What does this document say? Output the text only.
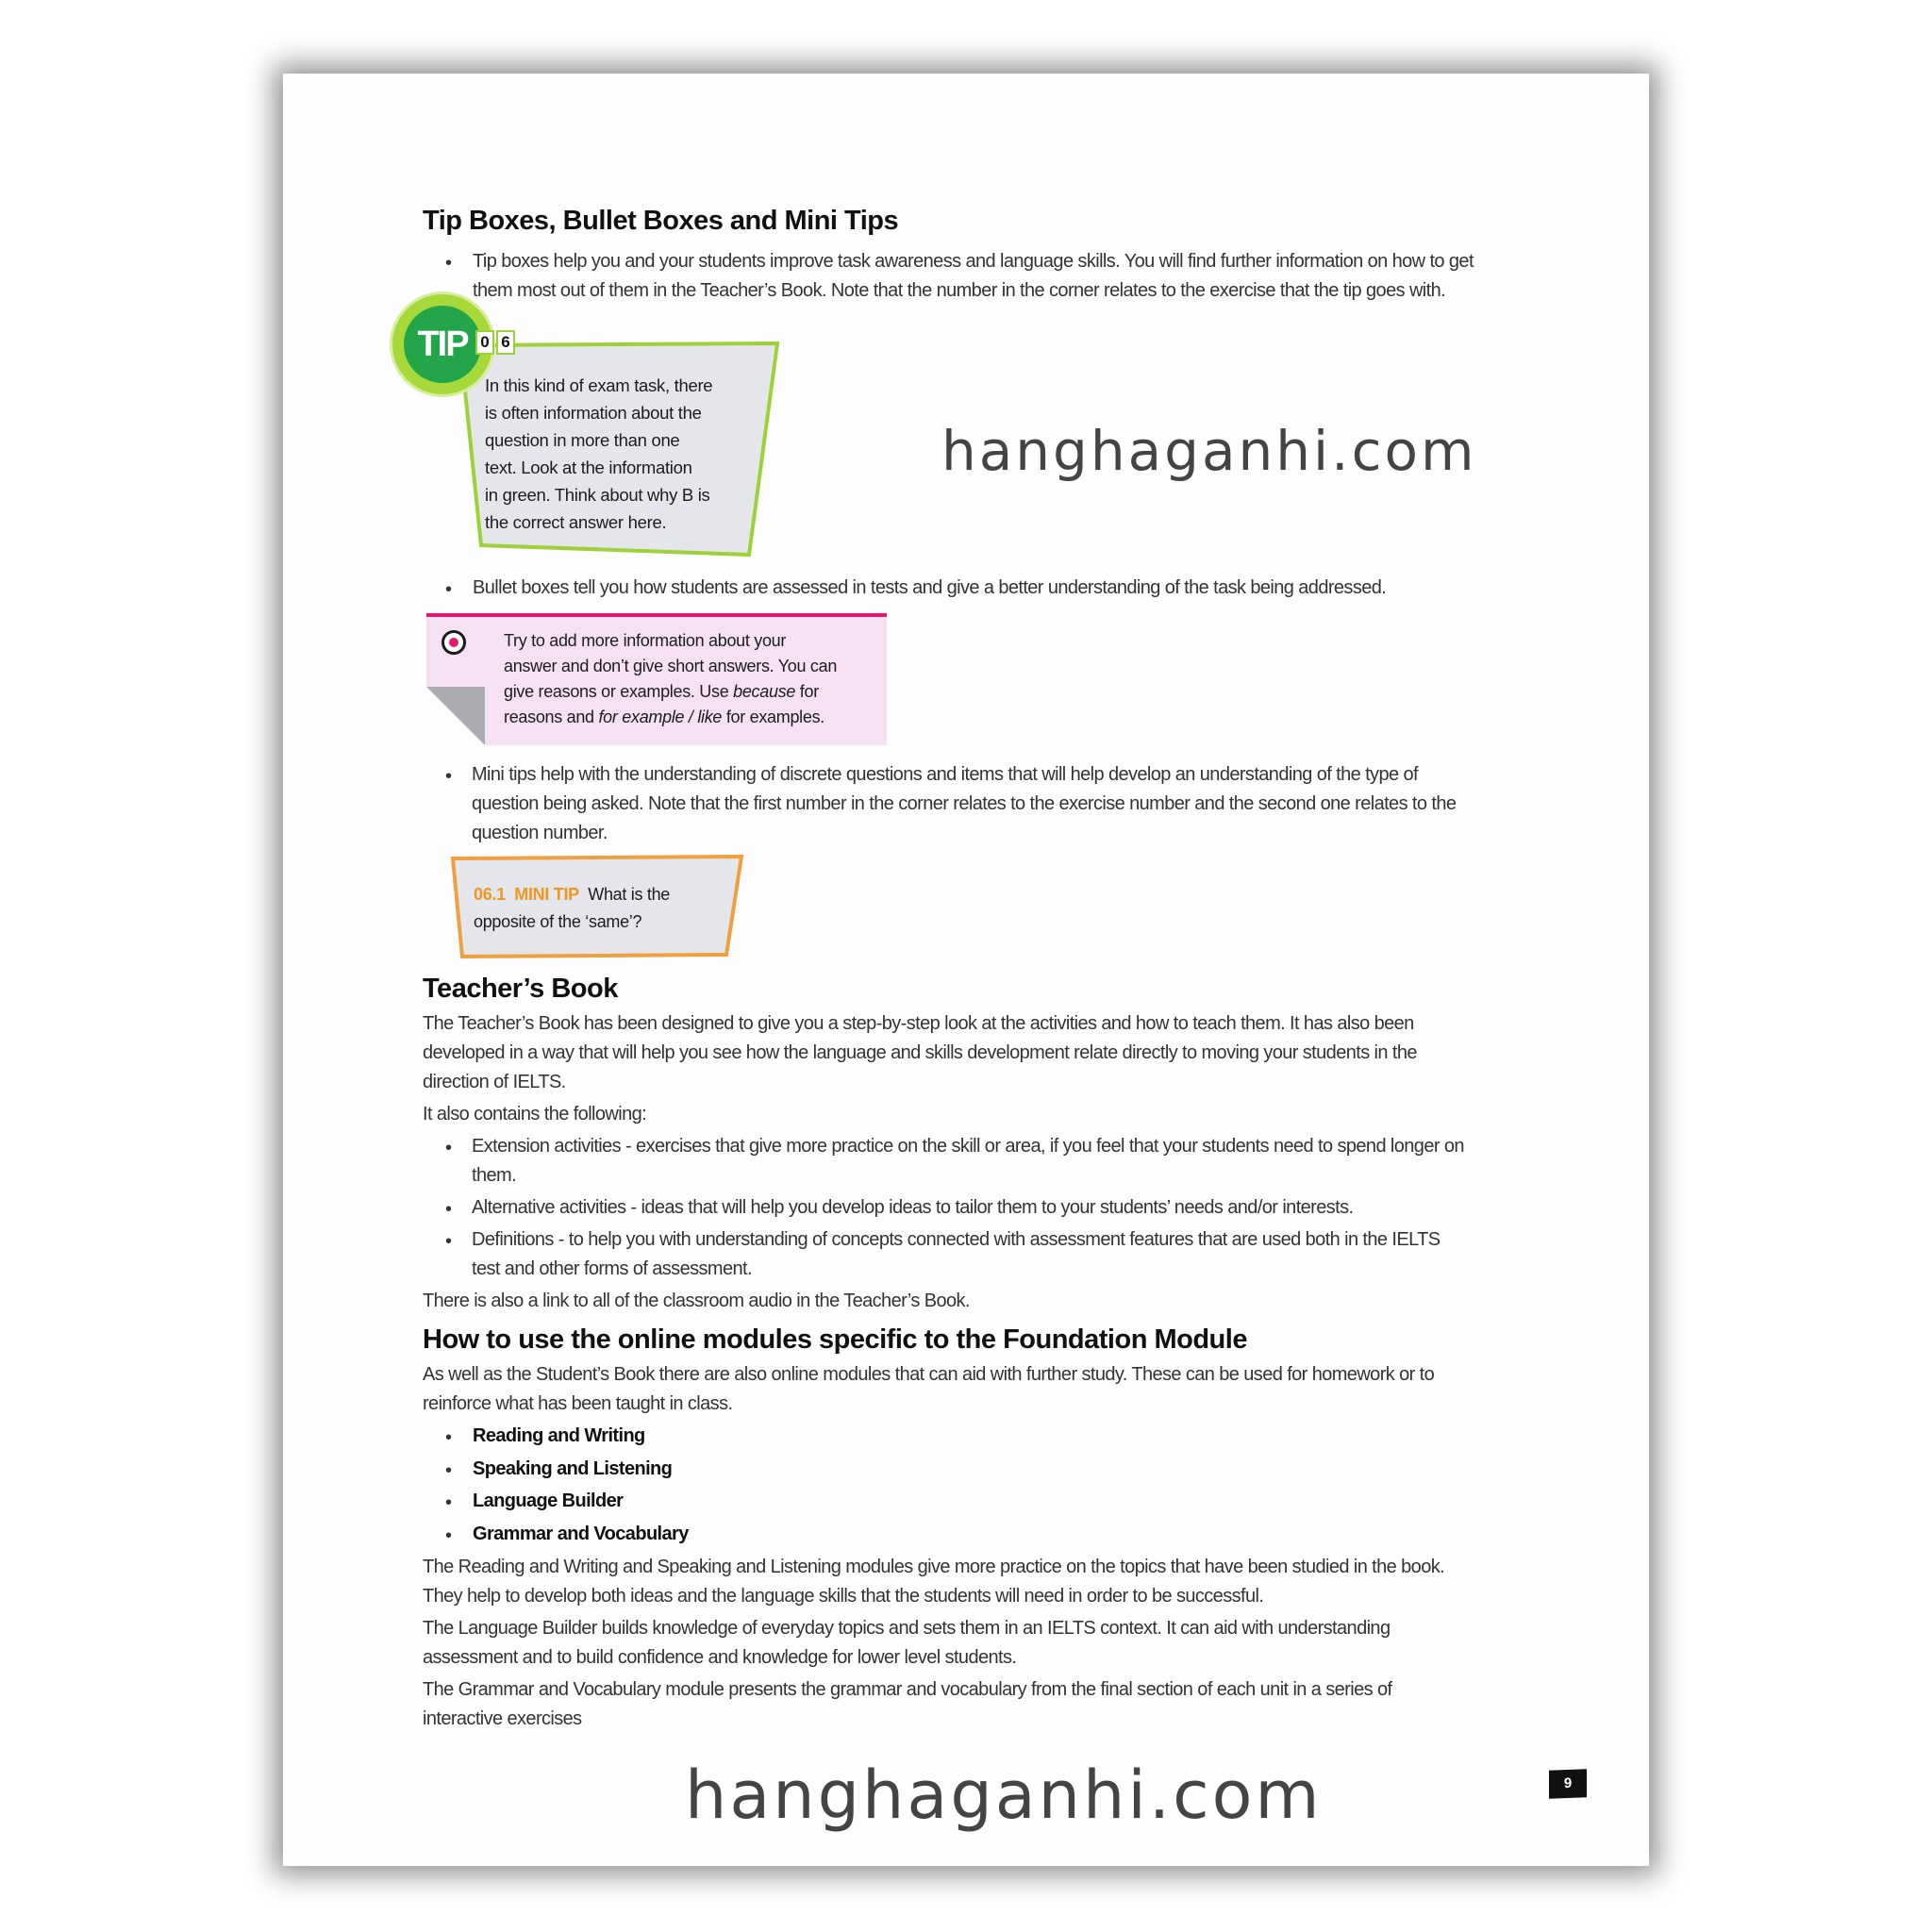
Tip Boxes, Bullet Boxes and Mini Tips
• Tip boxes help you and your students improve task awareness and language skills. You will find further information on how to get
them most out of them in the Teacher’s Book. Note that the number in the corner relates to the exercise that the tip goes with.
TIP 0 6
In this kind of exam task, there
is often information about the
question in more than one
text. Look at the information
in green. Think about why B is
the correct answer here.
• Bullet boxes tell you how students are assessed in tests and give a better understanding of the task being addressed.
Try to add more information about your
answer and don’t give short answers. You can
give reasons or examples. Use because for
reasons and for example / like for examples.
• Mini tips help with the understanding of discrete questions and items that will help develop an understanding of the type of
question being asked. Note that the first number in the corner relates to the exercise number and the second one relates to the
question number.
06.1 MINI TIP What is the
opposite of the ‘same’?
Teacher’s Book
The Teacher’s Book has been designed to give you a step-by-step look at the activities and how to teach them. It has also been
developed in a way that will help you see how the language and skills development relate directly to moving your students in the
direction of IELTS.
It also contains the following:
• Extension activities - exercises that give more practice on the skill or area, if you feel that your students need to spend longer on
them.
• Alternative activities - ideas that will help you develop ideas to tailor them to your students’ needs and/or interests.
• Definitions - to help you with understanding of concepts connected with assessment features that are used both in the IELTS
test and other forms of assessment.
There is also a link to all of the classroom audio in the Teacher’s Book.
How to use the online modules specific to the Foundation Module
As well as the Student’s Book there are also online modules that can aid with further study. These can be used for homework or to
reinforce what has been taught in class.
• Reading and Writing
• Speaking and Listening
• Language Builder
• Grammar and Vocabulary
The Reading and Writing and Speaking and Listening modules give more practice on the topics that have been studied in the book.
They help to develop both ideas and the language skills that the students will need in order to be successful.
The Language Builder builds knowledge of everyday topics and sets them in an IELTS context. It can aid with understanding
assessment and to build confidence and knowledge for lower level students.
The Grammar and Vocabulary module presents the grammar and vocabulary from the final section of each unit in a series of
interactive exercises
hanghaganhi.com
hanghaganhi.com	9
